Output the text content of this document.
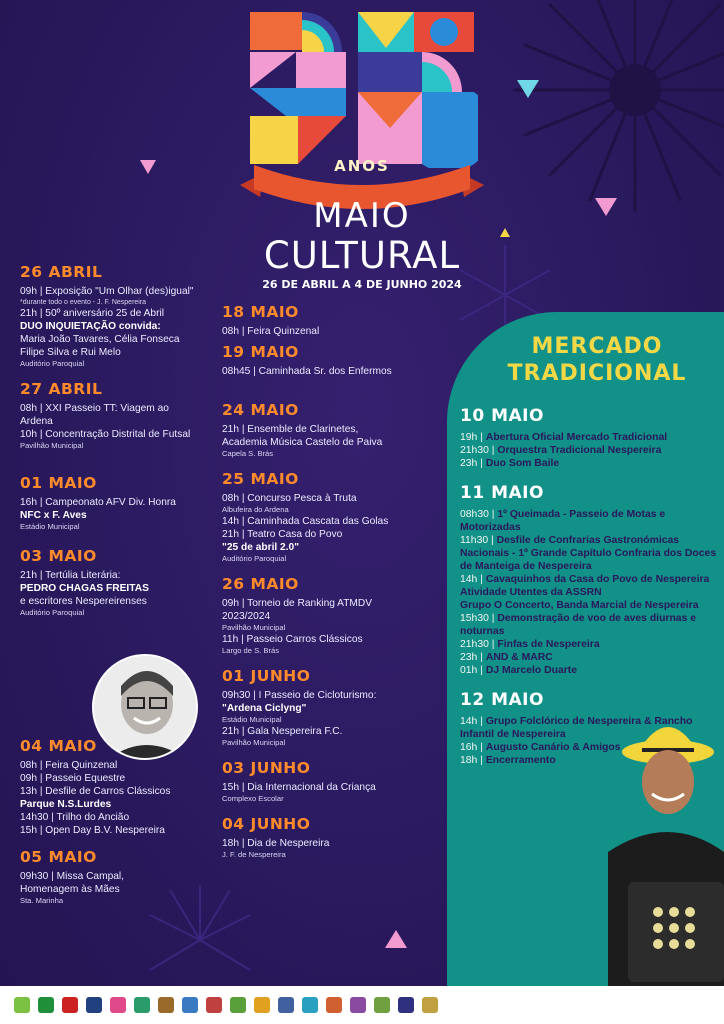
ANOS
MAIO
CULTURAL
26 DE ABRIL A 4 DE JUNHO 2024
26 ABRIL
09h | Exposição "Um Olhar (des)igual"
*durante todo o evento - J. F. Nespereira
21h | 50º aniversário 25 de Abril
DUO INQUIETAÇÃO convida:
Maria João Tavares, Célia Fonseca
Filipe Silva e Rui Melo
Auditório Paroquial
27 ABRIL
08h | XXI Passeio TT: Viagem ao
Ardena
10h | Concentração Distrital de Futsal
Pavilhão Municipal
01 MAIO
16h | Campeonato AFV Div. Honra
NFC x F. Aves
Estádio Municipal
03 MAIO
21h | Tertúlia Literária:
PEDRO CHAGAS FREITAS
e escritores Nespereirenses
Auditório Paroquial
04 MAIO
08h | Feira Quinzenal
09h | Passeio Equestre
13h | Desfile de Carros Clássicos
Parque N.S.Lurdes
14h30 | Trilho do Ancião
15h | Open Day B.V. Nespereira
05 MAIO
09h30 | Missa Campal,
Homenagem às Mães
Sta. Marinha
18 MAIO
08h | Feira Quinzenal
19 MAIO
08h45 | Caminhada Sr. dos Enfermos
24 MAIO
21h | Ensemble de Clarinetes,
Academia Música Castelo de Paiva
Capela S. Brás
25 MAIO
08h | Concurso Pesca à Truta
Albufeira do Ardena
14h | Caminhada Cascata das Golas
21h | Teatro Casa do Povo
"25 de abril 2.0"
Auditório Paroquial
26 MAIO
09h | Torneio de Ranking ATMDV
2023/2024
Pavilhão Municipal
11h | Passeio Carros Clássicos
Largo de S. Brás
01 JUNHO
09h30 | I Passeio de Cicloturismo:
"Ardena Ciclyng"
Estádio Municipal
21h | Gala Nespereira F.C.
Pavilhão Municipal
03 JUNHO
15h | Dia Internacional da Criança
Complexo Escolar
04 JUNHO
18h | Dia de Nespereira
J. F. de Nespereira
MERCADO
TRADICIONAL
10 MAIO
19h | Abertura Oficial Mercado Tradicional
21h30 | Orquestra Tradicional Nespereira
23h | Duo Som Baile
11 MAIO
08h30 | 1º Queimada - Passeio de Motas e Motorizadas
11h30 | Desfile de Confrarias Gastronómicas Nacionais - 1º Grande Capítulo Confraria dos Doces de Manteiga de Nespereira
14h | Cavaquinhos da Casa do Povo de Nespereira
Atividade Utentes da ASSRN
Grupo O Concerto, Banda Marcial de Nespereira
15h30 | Demonstração de voo de aves diurnas e noturnas
21h30 | Finfas de Nespereira
23h | AND & MARC
01h | DJ Marcelo Duarte
12 MAIO
14h | Grupo Folclórico de Nespereira & Rancho Infantil de Nespereira
16h | Augusto Canário & Amigos
18h | Encerramento
